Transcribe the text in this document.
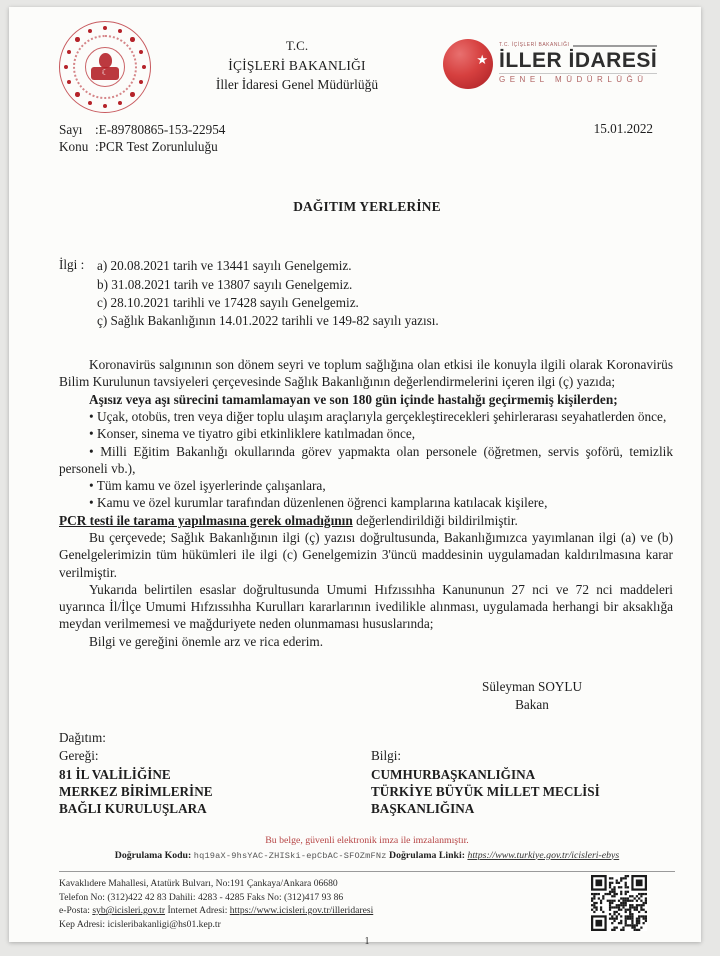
☾
T.C.
İÇİŞLERİ BAKANLIĞI
İller İdaresi Genel Müdürlüğü
★
T.C. İÇİŞLERİ BAKANLIĞI
İLLER İDARESİ
GENEL MÜDÜRLÜĞÜ
Sayı :E-89780865-153-22954
Konu :PCR Test Zorunluluğu
15.01.2022
DAĞITIM YERLERİNE
İlgi : a) 20.08.2021 tarih ve 13441 sayılı Genelgemiz.
b) 31.08.2021 tarih ve 13807 sayılı Genelgemiz.
c) 28.10.2021 tarihli ve 17428 sayılı Genelgemiz.
ç) Sağlık Bakanlığının 14.01.2022 tarihli ve 149-82 sayılı yazısı.
Koronavirüs salgınının son dönem seyri ve toplum sağlığına olan etkisi ile konuyla ilgili olarak Koronavirüs Bilim Kurulunun tavsiyeleri çerçevesinde Sağlık Bakanlığının değerlendirmelerini içeren ilgi (ç) yazıda;
Aşısız veya aşı sürecini tamamlamayan ve son 180 gün içinde hastalığı geçirmemiş kişilerden;
• Uçak, otobüs, tren veya diğer toplu ulaşım araçlarıyla gerçekleştirecekleri şehirlerarası seyahatlerden önce,
• Konser, sinema ve tiyatro gibi etkinliklere katılmadan önce,
• Milli Eğitim Bakanlığı okullarında görev yapmakta olan personele (öğretmen, servis şoförü, temizlik personeli vb.),
• Tüm kamu ve özel işyerlerinde çalışanlara,
• Kamu ve özel kurumlar tarafından düzenlenen öğrenci kamplarına katılacak kişilere,
PCR testi ile tarama yapılmasına gerek olmadığının değerlendirildiği bildirilmiştir.
Bu çerçevede; Sağlık Bakanlığının ilgi (ç) yazısı doğrultusunda, Bakanlığımızca yayımlanan ilgi (a) ve (b) Genelgelerimizin tüm hükümleri ile ilgi (c) Genelgemizin 3'üncü maddesinin uygulamadan kaldırılmasına karar verilmiştir.
Yukarıda belirtilen esaslar doğrultusunda Umumi Hıfzıssıhha Kanununun 27 nci ve 72 nci maddeleri uyarınca İl/İlçe Umumi Hıfzıssıhha Kurulları kararlarının ivedilikle alınması, uygulamada herhangi bir aksaklığa meydan verilmemesi ve mağduriyete neden olunmaması hususlarında;
Bilgi ve gereğini önemle arz ve rica ederim.
Süleyman SOYLU
Bakan
Dağıtım:
Gereği:
81 İL VALİLİĞİNE
MERKEZ BİRİMLERİNE
BAĞLI KURULUŞLARA
Bilgi:
CUMHURBAŞKANLIĞINA
TÜRKİYE BÜYÜK MİLLET MECLİSİ
BAŞKANLIĞINA
Bu belge, güvenli elektronik imza ile imzalanmıştır.
Doğrulama Kodu: hq19aX-9hsYAC-ZHISki-epCbAC-SFOZmFNz Doğrulama Linki: https://www.turkiye.gov.tr/icisleri-ebys
Kavaklıdere Mahallesi, Atatürk Bulvarı, No:191 Çankaya/Ankara 06680
Telefon No: (312)422 42 83 Dahili: 4283 - 4285 Faks No: (312)417 93 86
e-Posta: syb@icisleri.gov.tr İnternet Adresi: https://www.icisleri.gov.tr/illeridaresi
Kep Adresi: icisleribakanligi@hs01.kep.tr
1
